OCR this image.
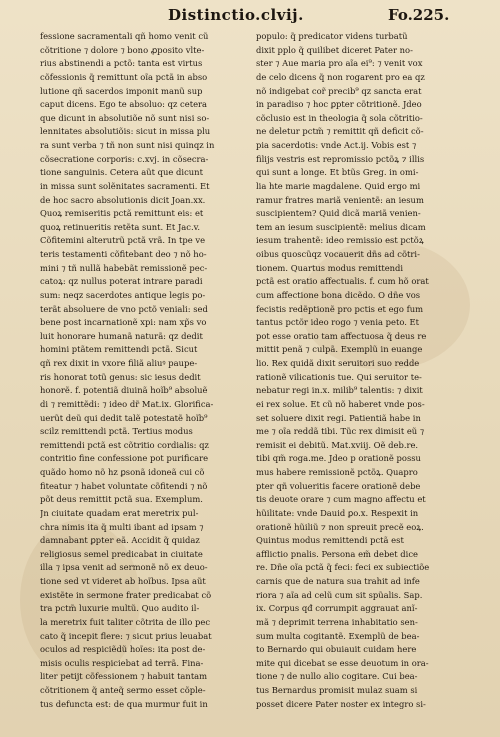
Distinctio.clvij.	Fo.225.
fessione sacramentali qñ homo venit cũ
cõtritione ⁊ dolore ⁊ bono ꝓposito vlte-
rius abstinendi a pctõ: tanta est virtus
cõfessionis q̃ remittunt oĩa pctã in abso
lutione qñ sacerdos imponit manũ sup
caput dicens. Ego te absoluo: qz cetera
que dicunt in absolutiõe nõ sunt nisi so-
lennitates absolutiõis: sicut in missa plu
ra sunt verba ⁊ tñ non sunt nisi quinqz in
cõsecratione corporis: c.xvj. in cõsecra-
tione sanguinis. Cetera aũt que dicunt
in missa sunt solẽnitates sacramenti. Et
de hoc sacro absolutionis dicit Joan.xx.
Quoꝝ remiseritis pctã remittunt eis: et
quoꝝ retinueritis retẽta sunt. Et Jac.v.
Cõfitemini alterutrũ pctã vrã. In tpe ve
teris testamenti cõfitebant deo ⁊ nõ ho-
mini ⁊ tñ nullã habebãt remissionẽ pec-
catoꝝ: qz nullus poterat intrare paradi
sum: neqz sacerdotes antique legis po-
terãt absoluere de vno pctõ veniali: sed
bene post incarnationẽ xpi: nam xp̃s vo
luit honorare humanã naturã: qz dedit
homini ptãtem remittendi pctã. Sicut
qñ rex dixit in vxore filiã aliuꝰ paupe-
ris honorat totũ genus: sic iesus dedit
honorẽ. f. potentiã diuinã hoĩb⁹ absoluẽ
di ⁊ remittẽdi: ⁊ ideo dr̃ Mat.ix. Glorifica-
uerũt deũ qui dedit talẽ potestatẽ hoĩb⁹
scilz remittendi pctã. Tertius modus
remittendi pctã est cõtritio cordialis: qz
contritio fine confessione pot purificare
quãdo homo nõ hz ꝑsonã idoneã cui cõ
fiteatur ⁊ habet voluntate cõfitendi ⁊ nõ
põt deus remittit pctã sua. Exemplum.
Jn ciuitate quadam erat meretrix pul-
chra nimis ita q̃ multi ibant ad ipsam ⁊
damnabant ꝑpter eã. Accidit q̃ quidaz
religiosus semel predicabat in ciuitate
illa ⁊ ipsa venit ad sermonẽ nõ ex deuo-
tione sed vt videret ab hoĩbus. Ipsa aũt
existẽte in sermone frater predicabat cõ
tra pctm̃ luxurie multũ. Quo audito il-
la meretrix fuit taliter cõtrita de illo pec
cato q̃ incepit flere: ⁊ sicut prius leuabat
oculos ad respiciẽdũ hoĩes: ita post de-
misis oculis respiciebat ad terrã. Fina-
liter petijt cõfessionem ⁊ habuit tantam
cõtritionem q̃ anteq̃ sermo esset cõple-
tus defuncta est: de qua murmur fuit in
populo: q̃ predicator videns turbatũ
dixit pplo q̃ quilibet diceret Pater no-
ster ⁊ Aue maria pro aĩa ei⁹: ⁊ venit vox
de celo dicens q̃ non rogarent pro ea qz
nõ indigebat cor̃ precib⁹ qz sancta erat
in paradiso ⁊ hoc ꝑpter cõtritionẽ. Jdeo
cõclusio est in theologia q̃ sola cõtritio-
ne deletur pctm̃ ⁊ remittit qñ deficit cõ-
pia sacerdotis: vnde Act.ij. Vobis est ⁊
filijs vestris est repromissio pctõꝝ ⁊ illis
qui sunt a longe. Et btũs Greg. in omi-
lia hte marie magdalene. Quid ergo mi
ramur fratres mariã venientẽ: an iesum
suscipientem? Quid dicã mariã venien-
tem an iesum suscipientẽ: melius dicam
iesum trahentẽ: ideo remissio est pctõꝝ
oibus quoscũqz vocauerit dñs ad cõtri-
tionem. Quartus modus remittendi
pctã est oratio affectualis. f. cum hõ orat
cum affectione bona dicẽdo. O dñe vos
fecistis redẽptionẽ pro pctis et ego fum
tantus pctõr ideo rogo ⁊ venia peto. Et
pot esse oratio tam affectuosa q̃ deus re
mittit penã ⁊ culpã. Exemplũ in euange
lio. Rex quidã dixit seruitori suo redde
rationẽ vilicationis tue. Qui seruitor te-
nebatur regi in.x. milib⁹ talentis: ⁊ dixit
ei rex solue. Et cũ nõ haberet vnde pos-
set soluere dixit regi. Patientiã habe in
me ⁊ oĩa reddã tibi. Tũc rex dimisit eũ ⁊
remisit ei debitũ. Mat.xviij. Oẽ deb.re.
tibi qm̃ roga.me. Jdeo p orationẽ possu
mus habere remissionẽ pctõꝝ. Quapro
pter qñ volueritis facere orationẽ debe
tis deuote orare ⁊ cum magno affectu et
hũilitate: vnde Dauid ꝑo.x. Respexit in
orationẽ hũiliũ ⁊ non spreuit precẽ eoꝝ.
Quintus modus remittendi pctã est
afflictio pnalis. Persona em̃ debet dice
re. Dñe oĩa pctã q̃ feci: feci ex subiectiõe
carnis que de natura sua trahit ad infe
riora ⁊ aĩa ad celũ cum sit spũalis. Sap.
ix. Corpus qđ corrumpit aggrauat anĩ-
mã ⁊ deprimit terrena inhabitatio sen-
sum multa cogitantẽ. Exemplũ de bea-
to Bernardo qui obuiauit cuidam here
mite qui dicebat se esse deuotum in ora-
tione ⁊ de nullo alio cogitare. Cui bea-
tus Bernardus promisit mulaz suam si
posset dicere Pater noster ex integro si-
